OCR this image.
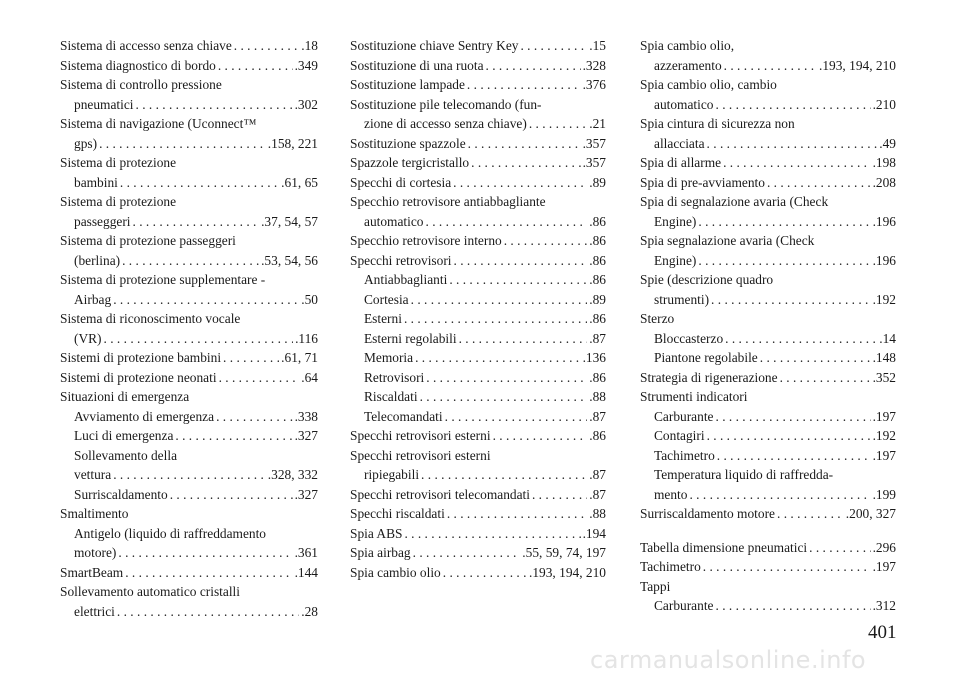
Sistema di accesso senza chiave . . .	.18
Sistema diagnostico di bordo . . .	.349
Sistema di controllo pressione
pneumatici . . .	.302
Sistema di navigazione (Uconnect™
gps) . . .	.158, 221
Sistema di protezione
bambini . . .	.61, 65
Sistema di protezione
passeggeri . . .	.37, 54, 57
Sistema di protezione passeggeri
(berlina) . . .	.53, 54, 56
Sistema di protezione supplementare -
Airbag . . .	.50
Sistema di riconoscimento vocale
(VR) . . .	.116
Sistemi di protezione bambini . . .	.61, 71
Sistemi di protezione neonati . . .	.64
Situazioni di emergenza
Avviamento di emergenza . . .	.338
Luci di emergenza . . .	.327
Sollevamento della
vettura . . .	.328, 332
Surriscaldamento . . .	.327
Smaltimento
Antigelo (liquido di raffreddamento
motore) . . .	.361
SmartBeam . . .	.144
Sollevamento automatico cristalli
elettrici . . .	.28
Sostituzione chiave Sentry Key . . .	.15
Sostituzione di una ruota . . .	.328
Sostituzione lampade . . .	.376
Sostituzione pile telecomando (fun-
zione di accesso senza chiave) . . .	.21
Sostituzione spazzole . . .	.357
Spazzole tergicristallo . . .	.357
Specchi di cortesia . . .	.89
Specchio retrovisore antiabbagliante
automatico . . .	.86
Specchio retrovisore interno . . .	.86
Specchi retrovisori . . .	.86
Antiabbaglianti . . .	.86
Cortesia . . .	.89
Esterni . . .	.86
Esterni regolabili . . .	.87
Memoria . . .	.136
Retrovisori . . .	.86
Riscaldati . . .	.88
Telecomandati . . .	.87
Specchi retrovisori esterni . . .	.86
Specchi retrovisori esterni
ripiegabili . . .	.87
Specchi retrovisori telecomandati . . .	.87
Specchi riscaldati . . .	.88
Spia ABS . . .	.194
Spia airbag . . .	.55, 59, 74, 197
Spia cambio olio . . .	.193, 194, 210
Spia cambio olio,
azzeramento . . .	.193, 194, 210
Spia cambio olio, cambio
automatico . . .	.210
Spia cintura di sicurezza non
allacciata . . .	.49
Spia di allarme . . .	.198
Spia di pre-avviamento . . .	.208
Spia di segnalazione avaria (Check
Engine) . . .	.196
Spia segnalazione avaria (Check
Engine) . . .	.196
Spie (descrizione quadro
strumenti) . . .	.192
Sterzo
Bloccasterzo . . .	.14
Piantone regolabile . . .	.148
Strategia di rigenerazione . . .	.352
Strumenti indicatori
Carburante . . .	.197
Contagiri . . .	.192
Tachimetro . . .	.197
Temperatura liquido di raffredda-
mento . . .	.199
Surriscaldamento motore . . .	.200, 327
Tabella dimensione pneumatici . . .	.296
Tachimetro . . .	.197
Tappi
Carburante . . .	.312
401
carmanualsonline.info
